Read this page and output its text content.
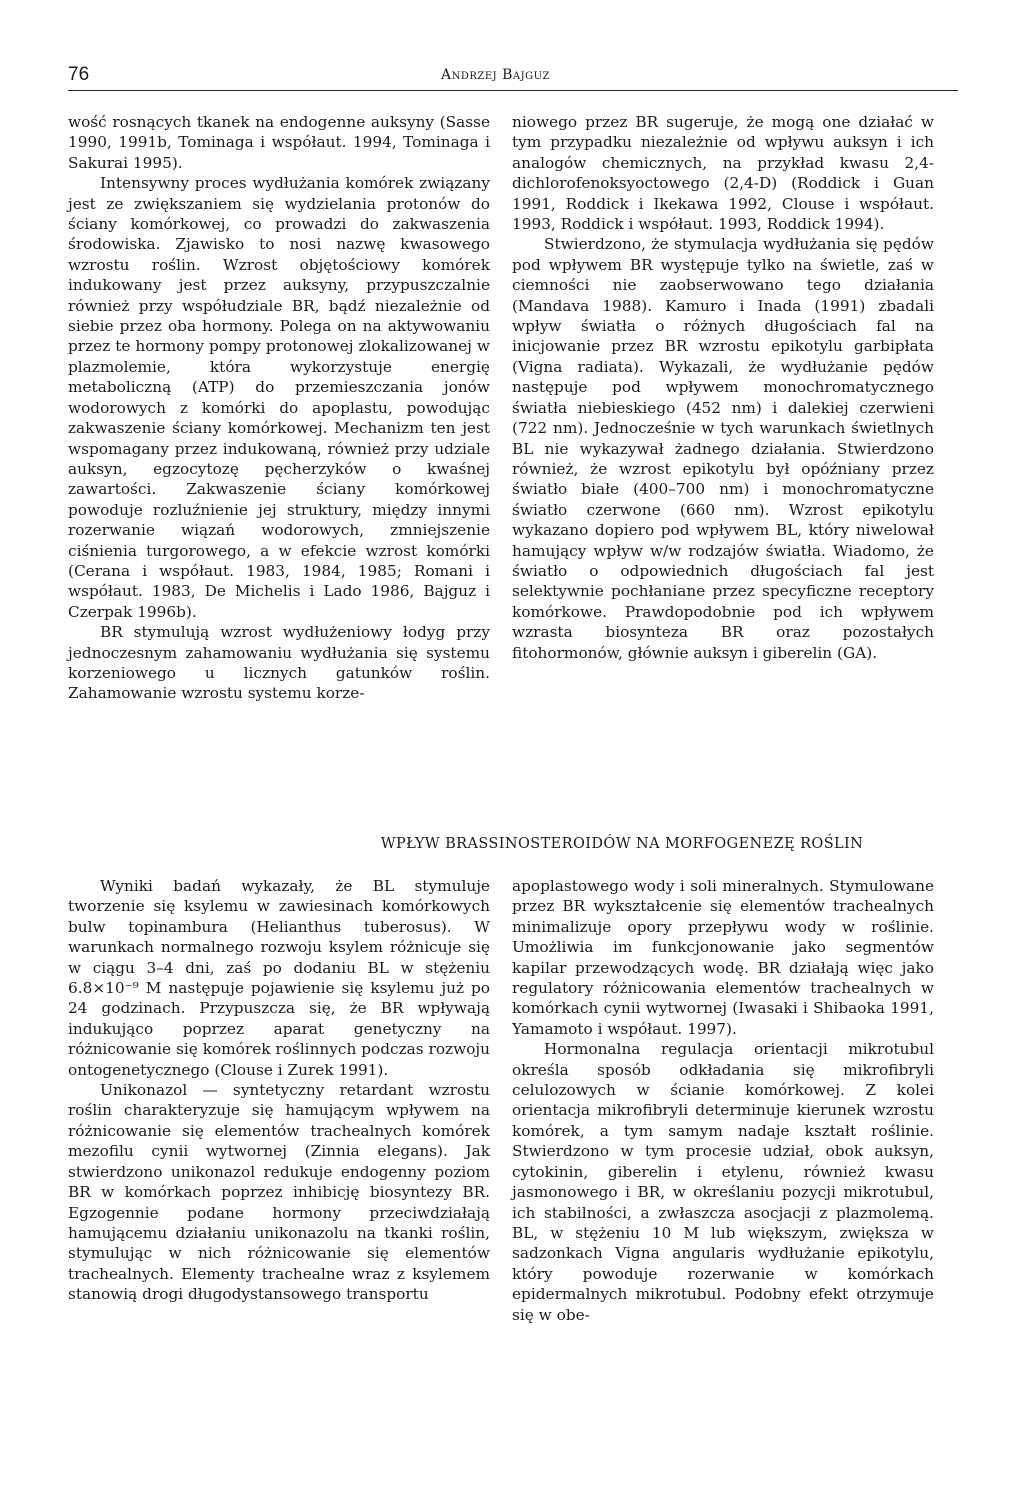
76	Andrzej Bajguz

wość rosnących tkanek na endogenne auksyny (Sasse 1990, 1991b, Tominaga i współaut. 1994, Tominaga i Sakurai 1995).

Intensywny proces wydłużania komórek związany jest ze zwiększaniem się wydzielania protonów do ściany komórkowej, co prowadzi do zakwaszenia środowiska. Zjawisko to nosi nazwę kwasowego wzrostu roślin. Wzrost objętościowy komórek indukowany jest przez auksyny, przypuszczalnie również przy współudziale BR, bądź niezależnie od siebie przez oba hormony. Polega on na aktywowaniu przez te hormony pompy protonowej zlokalizowanej w plazmolemie, która wykorzystuje energię metaboliczną (ATP) do przemieszczania jonów wodorowych z komórki do apoplastu, powodując zakwaszenie ściany komórkowej. Mechanizm ten jest wspomagany przez indukowaną, również przy udziale auksyn, egzocytozę pęcherzyków o kwaśnej zawartości. Zakwaszenie ściany komórkowej powoduje rozluźnienie jej struktury, między innymi rozerwanie wiązań wodorowych, zmniejszenie ciśnienia turgorowego, a w efekcie wzrost komórki (Cerana i współaut. 1983, 1984, 1985; Romani i współaut. 1983, De Michelis i Lado 1986, Bajguz i Czerpak 1996b).

BR stymulują wzrost wydłużeniowy łodyg przy jednoczesnym zahamowaniu wydłużania się systemu korzeniowego u licznych gatunków roślin. Zahamowanie wzrostu systemu korze-

niowego przez BR sugeruje, że mogą one działać w tym przypadku niezależnie od wpływu auksyn i ich analogów chemicznych, na przykład kwasu 2,4-dichlorofenoksyoctowego (2,4-D) (Roddick i Guan 1991, Roddick i Ikekawa 1992, Clouse i współaut. 1993, Roddick i współaut. 1993, Roddick 1994).

Stwierdzono, że stymulacja wydłużania się pędów pod wpływem BR występuje tylko na świetle, zaś w ciemności nie zaobserwowano tego działania (Mandava 1988). Kamuro i Inada (1991) zbadali wpływ światła o różnych długościach fal na inicjowanie przez BR wzrostu epikotylu garbipłata (Vigna radiata). Wykazali, że wydłużanie pędów następuje pod wpływem monochromatycznego światła niebieskiego (452 nm) i dalekiej czerwieni (722 nm). Jednocześnie w tych warunkach świetlnych BL nie wykazywał żadnego działania. Stwierdzono również, że wzrost epikotylu był opóźniany przez światło białe (400–700 nm) i monochromatyczne światło czerwone (660 nm). Wzrost epikotylu wykazano dopiero pod wpływem BL, który niwelował hamujący wpływ w/w rodzajów światła. Wiadomo, że światło o odpowiednich długościach fal jest selektywnie pochłaniane przez specyficzne receptory komórkowe. Prawdopodobnie pod ich wpływem wzrasta biosynteza BR oraz pozostałych fitohormonów, głównie auksyn i giberelin (GA).

WPŁYW BRASSINOSTEROIDÓW NA MORFOGENEZĘ ROŚLIN

Wyniki badań wykazały, że BL stymuluje tworzenie się ksylemu w zawiesinach komórkowych bulw topinambura (Helianthus tuberosus). W warunkach normalnego rozwoju ksylem różnicuje się w ciągu 3–4 dni, zaś po dodaniu BL w stężeniu 6.8×10⁻⁹ M następuje pojawienie się ksylemu już po 24 godzinach. Przypuszcza się, że BR wpływają indukująco poprzez aparat genetyczny na różnicowanie się komórek roślinnych podczas rozwoju ontogenetycznego (Clouse i Zurek 1991).

Unikonazol — syntetyczny retardant wzrostu roślin charakteryzuje się hamującym wpływem na różnicowanie się elementów trachealnych komórek mezofilu cynii wytwornej (Zinnia elegans). Jak stwierdzono unikonazol redukuje endogenny poziom BR w komórkach poprzez inhibicję biosyntezy BR. Egzogennie podane hormony przeciwdziałają hamującemu działaniu unikonazolu na tkanki roślin, stymulując w nich różnicowanie się elementów trachealnych. Elementy trachealne wraz z ksylemem stanowią drogi długodystansowego transportu

apoplastowego wody i soli mineralnych. Stymulowane przez BR wykształcenie się elementów trachealnych minimalizuje opory przepływu wody w roślinie. Umożliwia im funkcjonowanie jako segmentów kapilar przewodzących wodę. BR działają więc jako regulatory różnicowania elementów trachealnych w komórkach cynii wytwornej (Iwasaki i Shibaoka 1991, Yamamoto i współaut. 1997).

Hormonalna regulacja orientacji mikrotubul określa sposób odkładania się mikrofibryli celulozowych w ścianie komórkowej. Z kolei orientacja mikrofibryli determinuje kierunek wzrostu komórek, a tym samym nadaje kształt roślinie. Stwierdzono w tym procesie udział, obok auksyn, cytokinin, giberelin i etylenu, również kwasu jasmonowego i BR, w określaniu pozycji mikrotubul, ich stabilności, a zwłaszcza asocjacji z plazmolemą. BL, w stężeniu 10 M lub większym, zwiększa w sadzonkach Vigna angularis wydłużanie epikotylu, który powoduje rozerwanie w komórkach epidermalnych mikrotubul. Podobny efekt otrzymuje się w obe-
